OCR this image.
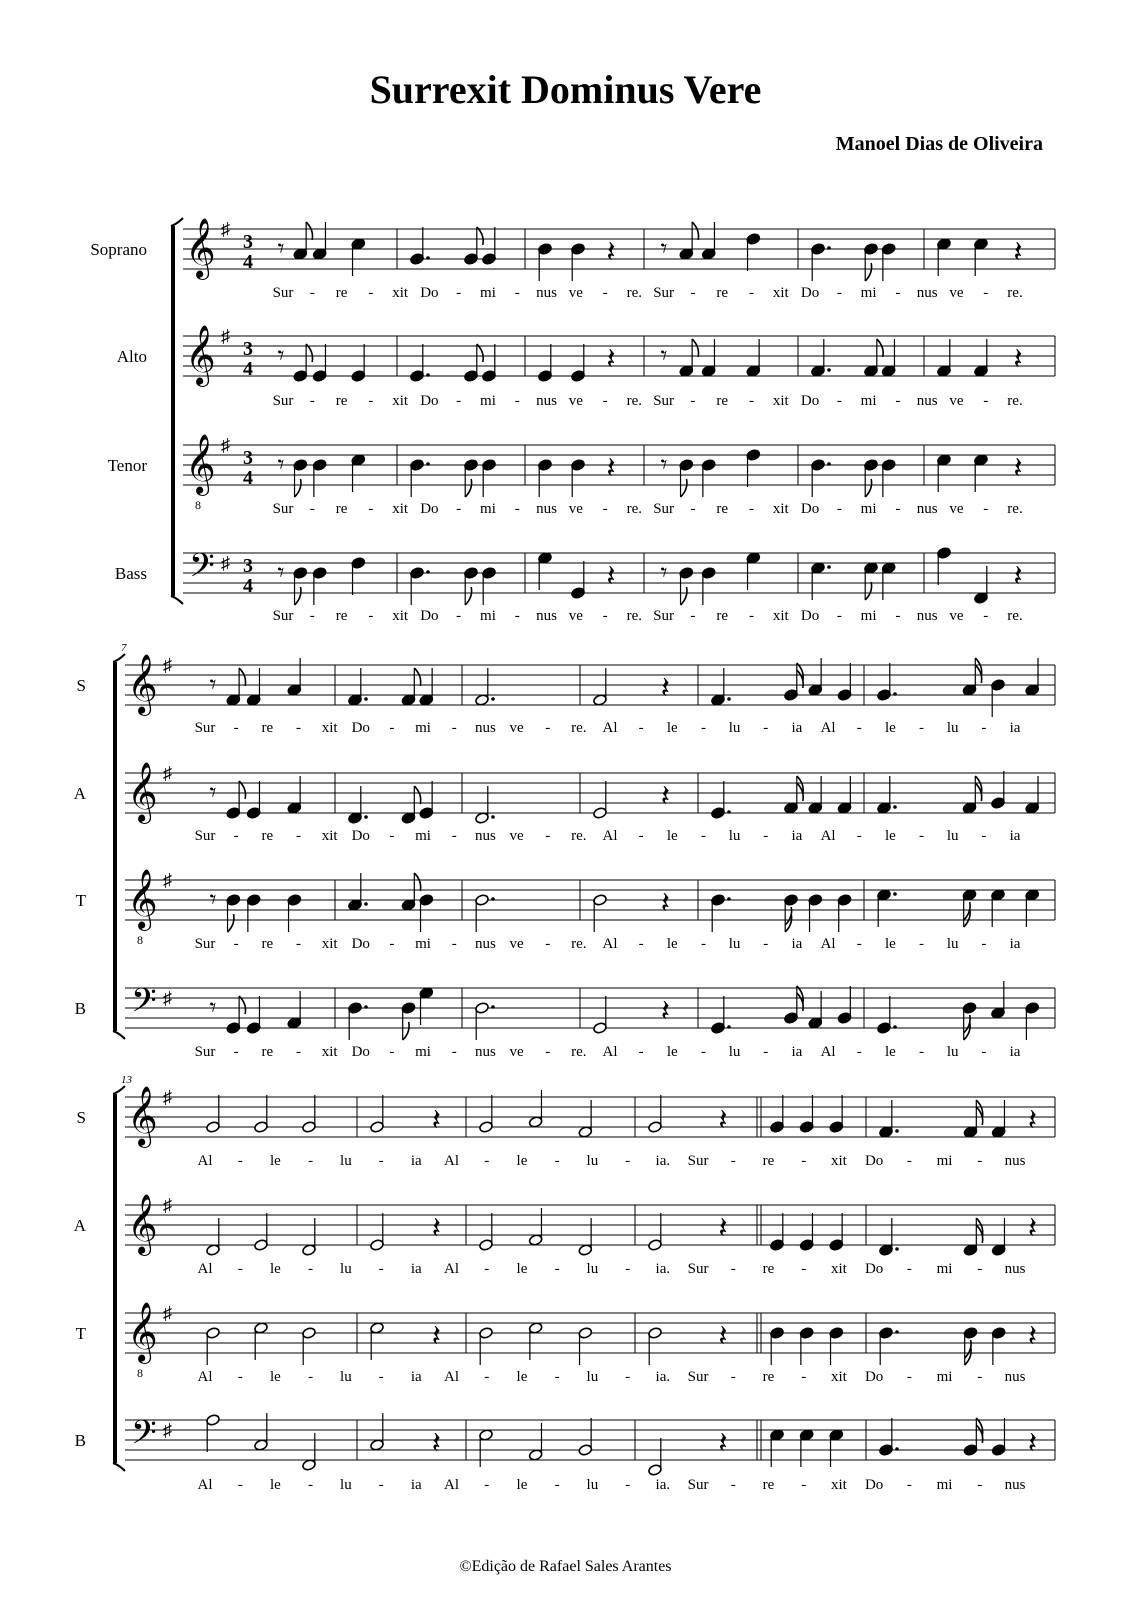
Surrexit Dominus Vere
Manoel Dias de Oliveira
Soprano
Sur - re - xit Do - mi - nus ve - re. Sur - re - xit Do - mi - nus ve - re.
Alto
Sur - re - xit Do - mi - nus ve - re. Sur - re - xit Do - mi - nus ve - re.
Tenor
Sur - re - xit Do - mi - nus ve - re. Sur - re - xit Do - mi - nus ve - re.
Bass
Sur - re - xit Do - mi - nus ve - re. Sur - re - xit Do - mi - nus ve - re.
𝄞 ♯
3
4 𝄾	𝄽 𝄾	𝄽
𝄞 ♯
3
4 𝄾	𝄽 𝄾	𝄽
𝄞
8
♯
3
4 𝄾	𝄽 𝄾	𝄽
𝄢 ♯ 3
4 𝄾	𝄽 𝄾	𝄽
7
S
Sur - re - xit Do - mi - nus ve - re. Al - le - lu - ia Al - le - lu - ia
A
Sur - re - xit Do - mi - nus ve - re. Al - le - lu - ia Al - le - lu - ia
T
Sur - re - xit Do - mi - nus ve - re. Al - le - lu - ia Al - le - lu - ia
B
Sur - re - xit Do - mi - nus ve - re. Al - le - lu - ia Al - le - lu - ia
𝄞 ♯
𝄾	𝄽
𝄞 ♯
𝄾	𝄽
𝄞
8
♯
𝄾	𝄽
𝄢 ♯ 𝄾	𝄽
13
S
Al - le - lu - ia Al - le - lu - ia. Sur - re - xit Do - mi - nus
A
Al - le - lu - ia Al - le - lu - ia. Sur - re - xit Do - mi - nus
T
Al - le - lu - ia Al - le - lu - ia. Sur - re - xit Do - mi - nus
B
Al - le - lu - ia Al - le - lu - ia. Sur - re - xit Do - mi - nus
𝄞 ♯
𝄽	𝄽	𝄽
𝄞 ♯
𝄽	𝄽	𝄽
𝄞
8
♯
𝄽	𝄽	𝄽
𝄢 ♯	𝄽	𝄽	𝄽
©Edição de Rafael Sales Arantes
